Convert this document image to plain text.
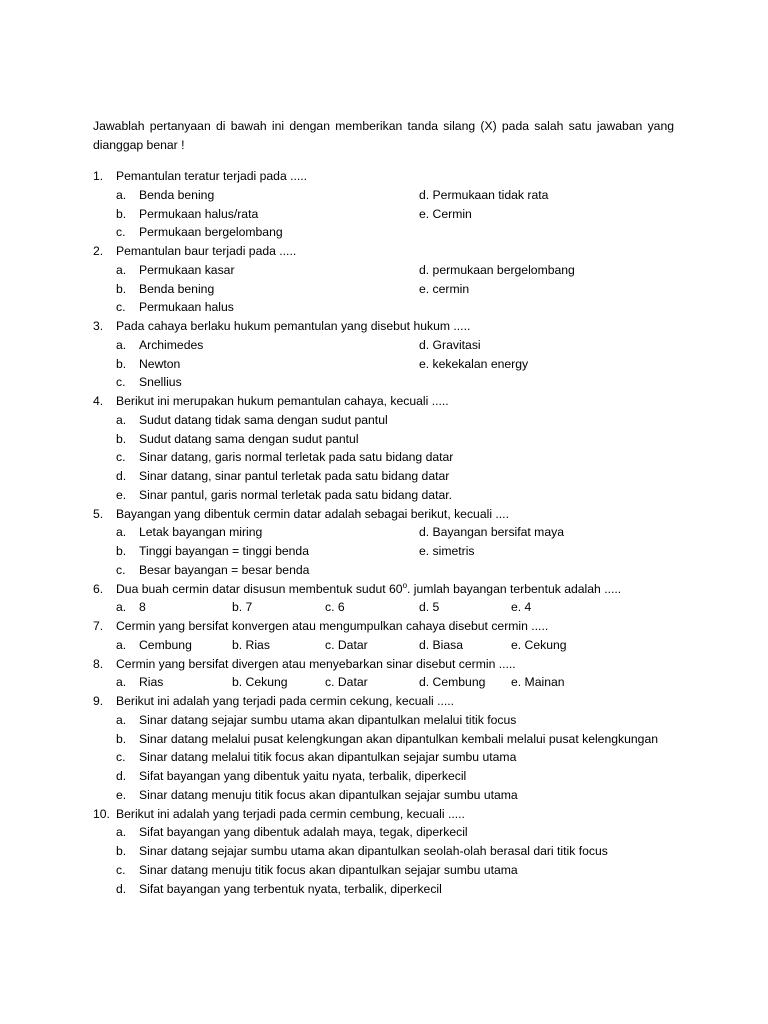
Jawablah pertanyaan di bawah ini dengan memberikan tanda silang (X) pada salah satu jawaban yang dianggap benar !
1. Pemantulan teratur terjadi pada .....
a. Benda bening	d. Permukaan tidak rata
b. Permukaan halus/rata	e. Cermin
c. Permukaan bergelombang
2. Pemantulan baur terjadi pada .....
a. Permukaan kasar	d. permukaan bergelombang
b. Benda bening	e. cermin
c. Permukaan halus
3. Pada cahaya berlaku hukum pemantulan yang disebut hukum .....
a. Archimedes	d. Gravitasi
b. Newton	e. kekekalan energy
c. Snellius
4. Berikut ini merupakan hukum pemantulan cahaya, kecuali .....
a. Sudut datang tidak sama dengan sudut pantul
b. Sudut datang sama dengan sudut pantul
c. Sinar datang, garis normal terletak pada satu bidang datar
d. Sinar datang, sinar pantul terletak pada satu bidang datar
e. Sinar pantul, garis normal terletak pada satu bidang datar.
5. Bayangan yang dibentuk cermin datar adalah sebagai berikut, kecuali ....
a. Letak bayangan miring	d. Bayangan bersifat maya
b. Tinggi bayangan = tinggi benda	e. simetris
c. Besar bayangan = besar benda
6. Dua buah cermin datar disusun membentuk sudut 60$^o$. jumlah bayangan terbentuk adalah .....
a. 8	b. 7	c. 6	d. 5	e. 4
7. Cermin yang bersifat konvergen atau mengumpulkan cahaya disebut cermin .....
a. Cembung	b. Rias	c. Datar	d. Biasa	e. Cekung
8. Cermin yang bersifat divergen atau menyebarkan sinar disebut cermin .....
a. Rias	b. Cekung	c. Datar	d. Cembung e. Mainan
9. Berikut ini adalah yang terjadi pada cermin cekung, kecuali .....
a. Sinar datang sejajar sumbu utama akan dipantulkan melalui titik focus
b. Sinar datang melalui pusat kelengkungan akan dipantulkan kembali melalui pusat kelengkungan
c. Sinar datang melalui titik focus akan dipantulkan sejajar sumbu utama
d. Sifat bayangan yang dibentuk yaitu nyata, terbalik, diperkecil
e. Sinar datang menuju titik focus akan dipantulkan sejajar sumbu utama
10. Berikut ini adalah yang terjadi pada cermin cembung, kecuali .....
a. Sifat bayangan yang dibentuk adalah maya, tegak, diperkecil
b. Sinar datang sejajar sumbu utama akan dipantulkan seolah-olah berasal dari titik focus
c. Sinar datang menuju titik focus akan dipantulkan sejajar sumbu utama
d. Sifat bayangan yang terbentuk nyata, terbalik, diperkecil
